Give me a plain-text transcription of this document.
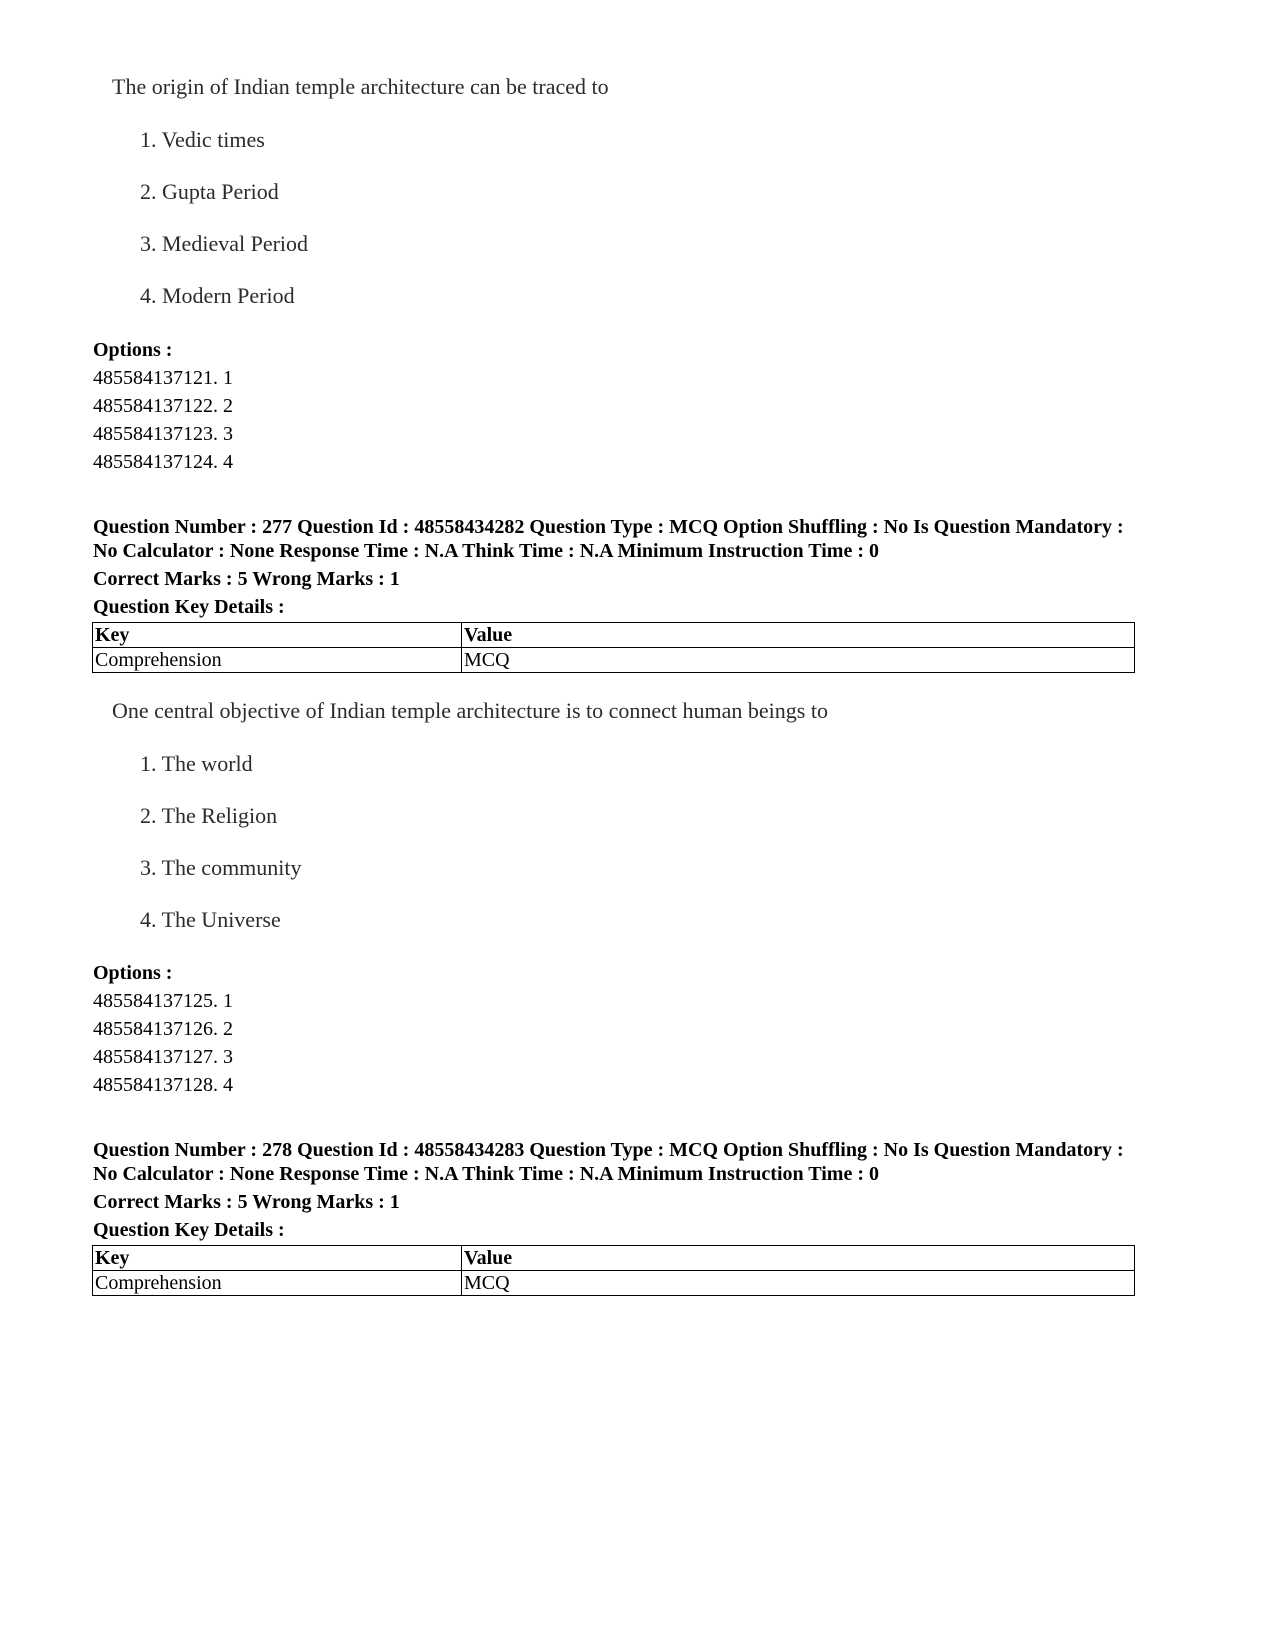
The origin of Indian temple architecture can be traced to
1. Vedic times
2. Gupta Period
3. Medieval Period
4. Modern Period
Options :
485584137121. 1
485584137122. 2
485584137123. 3
485584137124. 4
Question Number : 277 Question Id : 48558434282 Question Type : MCQ Option Shuffling : No Is Question Mandatory :
No Calculator : None Response Time : N.A Think Time : N.A Minimum Instruction Time : 0
Correct Marks : 5 Wrong Marks : 1
Question Key Details :
Key	Value
Comprehension	MCQ
One central objective of Indian temple architecture is to connect human beings to
1. The world
2. The Religion
3. The community
4. The Universe
Options :
485584137125. 1
485584137126. 2
485584137127. 3
485584137128. 4
Question Number : 278 Question Id : 48558434283 Question Type : MCQ Option Shuffling : No Is Question Mandatory :
No Calculator : None Response Time : N.A Think Time : N.A Minimum Instruction Time : 0
Correct Marks : 5 Wrong Marks : 1
Question Key Details :
Key	Value
Comprehension	MCQ
